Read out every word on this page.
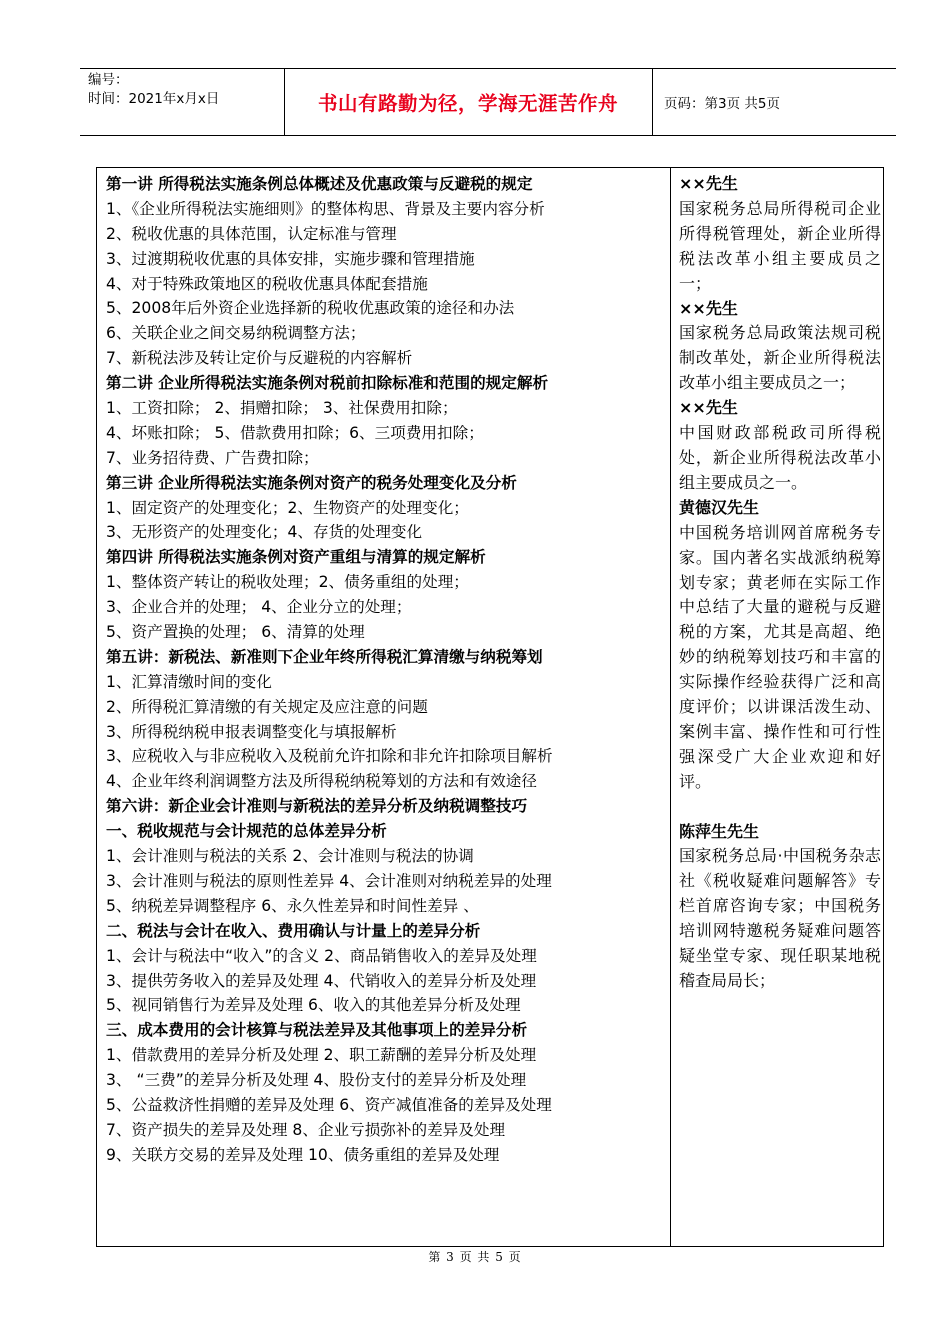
编号：
时间：2021年x月x日	书山有路勤为径，学海无涯苦作舟	页码：第3页 共5页
第一讲 所得税法实施条例总体概述及优惠政策与反避税的规定
1、《企业所得税法实施细则》的整体构思、背景及主要内容分析
2、税收优惠的具体范围，认定标准与管理
3、过渡期税收优惠的具体安排，实施步骤和管理措施
4、对于特殊政策地区的税收优惠具体配套措施
5、2008年后外资企业选择新的税收优惠政策的途径和办法
6、关联企业之间交易纳税调整方法；
7、新税法涉及转让定价与反避税的内容解析
第二讲 企业所得税法实施条例对税前扣除标准和范围的规定解析
1、工资扣除； 2、捐赠扣除； 3、社保费用扣除；
4、坏账扣除； 5、借款费用扣除；6、三项费用扣除；
7、业务招待费、广告费扣除；
第三讲 企业所得税法实施条例对资产的税务处理变化及分析
1、固定资产的处理变化；2、生物资产的处理变化；
3、无形资产的处理变化；4、存货的处理变化
第四讲 所得税法实施条例对资产重组与清算的规定解析
1、整体资产转让的税收处理；2、债务重组的处理；
3、企业合并的处理； 4、企业分立的处理；
5、资产置换的处理； 6、清算的处理
第五讲：新税法、新准则下企业年终所得税汇算清缴与纳税筹划
1、汇算清缴时间的变化
2、所得税汇算清缴的有关规定及应注意的问题
3、所得税纳税申报表调整变化与填报解析
3、应税收入与非应税收入及税前允许扣除和非允许扣除项目解析
4、企业年终利润调整方法及所得税纳税筹划的方法和有效途径
第六讲：新企业会计准则与新税法的差异分析及纳税调整技巧
一、税收规范与会计规范的总体差异分析
1、会计准则与税法的关系 2、会计准则与税法的协调
3、会计准则与税法的原则性差异 4、会计准则对纳税差异的处理
5、纳税差异调整程序 6、永久性差异和时间性差异 、
二、税法与会计在收入、费用确认与计量上的差异分析
1、会计与税法中“收入”的含义 2、商品销售收入的差异及处理
3、提供劳务收入的差异及处理 4、代销收入的差异分析及处理
5、视同销售行为差异及处理 6、收入的其他差异分析及处理
三、成本费用的会计核算与税法差异及其他事项上的差异分析
1、借款费用的差异分析及处理 2、职工薪酬的差异分析及处理
3、 “三费”的差异分析及处理 4、股份支付的差异分析及处理
5、公益救济性捐赠的差异及处理 6、资产减值准备的差异及处理
7、资产损失的差异及处理 8、企业亏损弥补的差异及处理
9、关联方交易的差异及处理 10、债务重组的差异及处理
××先生
国家税务总局所得税司企业所得税管理处，新企业所得税法改革小组主要成员之一；
××先生
国家税务总局政策法规司税制改革处，新企业所得税法改革小组主要成员之一；
××先生
中国财政部税政司所得税处，新企业所得税法改革小组主要成员之一。
黄德汉先生
中国税务培训网首席税务专家。国内著名实战派纳税筹划专家；黄老师在实际工作中总结了大量的避税与反避税的方案，尤其是高超、绝妙的纳税筹划技巧和丰富的实际操作经验获得广泛和高度评价；以讲课活泼生动、案例丰富、操作性和可行性强深受广大企业欢迎和好评。
陈萍生先生
国家税务总局·中国税务杂志社《税收疑难问题解答》专栏首席咨询专家；中国税务培训网特邀税务疑难问题答疑坐堂专家、现任职某地税稽查局局长；
第 3 页 共 5 页
